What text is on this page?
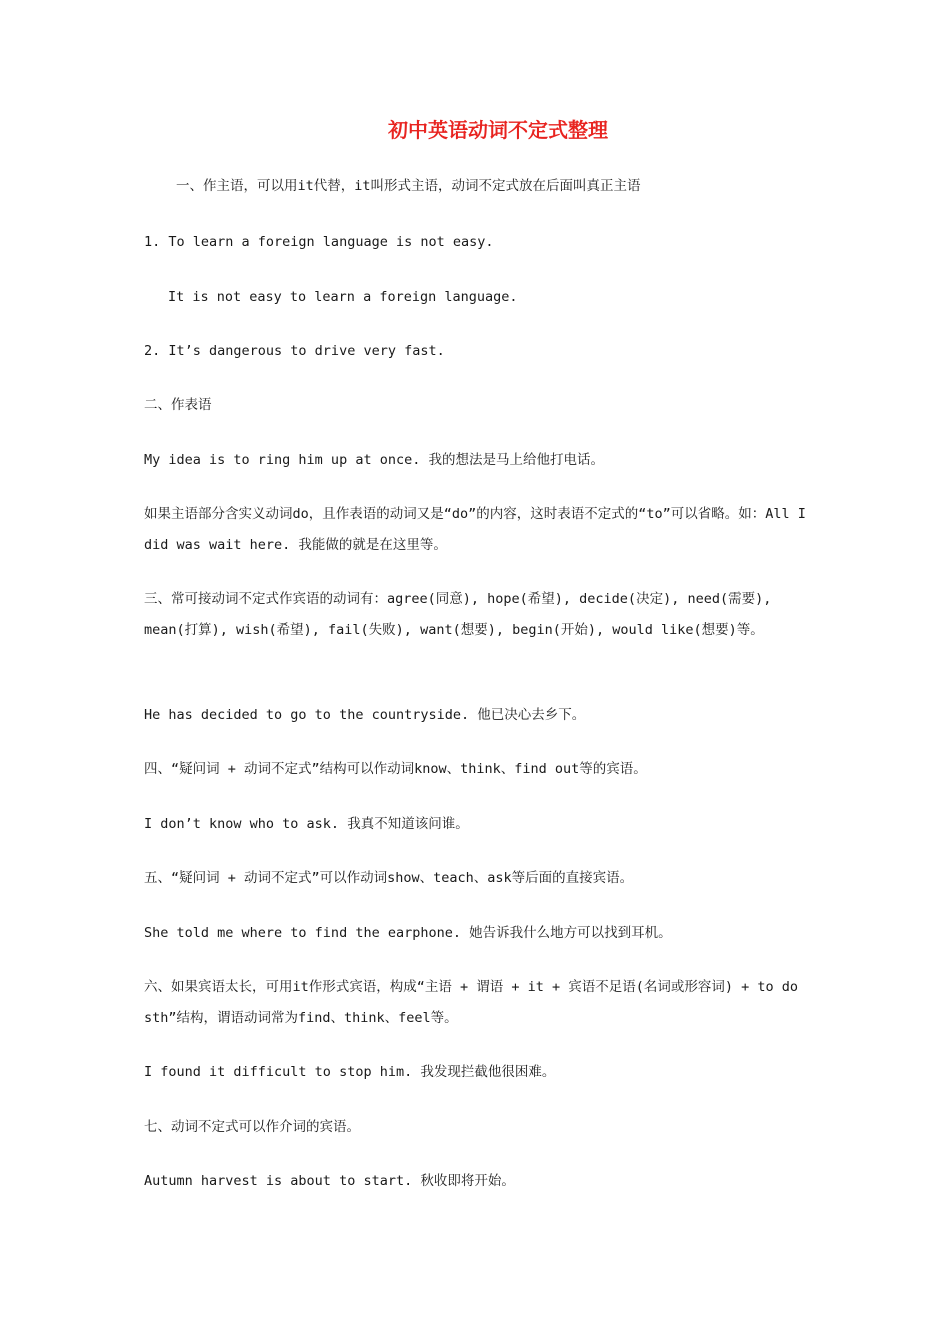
初中英语动词不定式整理

一、作主语，可以用it代替，it叫形式主语，动词不定式放在后面叫真正主语

1. To learn a foreign language is not easy.

It is not easy to learn a foreign language.

2. It’s dangerous to drive very fast.

二、作表语

My idea is to ring him up at once. 我的想法是马上给他打电话。

如果主语部分含实义动词do，且作表语的动词又是“do”的内容，这时表语不定式的“to”可以省略。如：All I did was wait here. 我能做的就是在这里等。

三、常可接动词不定式作宾语的动词有：agree(同意), hope(希望), decide(决定), need(需要), mean(打算), wish(希望), fail(失败), want(想要), begin(开始), would like(想要)等。

He has decided to go to the countryside. 他已决心去乡下。

四、“疑问词 + 动词不定式”结构可以作动词know、think、find out等的宾语。

I don’t know who to ask. 我真不知道该问谁。

五、“疑问词 + 动词不定式”可以作动词show、teach、ask等后面的直接宾语。

She told me where to find the earphone. 她告诉我什么地方可以找到耳机。

六、如果宾语太长，可用it作形式宾语，构成“主语 + 谓语 + it + 宾语不足语(名词或形容词) + to do sth”结构，谓语动词常为find、think、feel等。

I found it difficult to stop him. 我发现拦截他很困难。

七、动词不定式可以作介词的宾语。

Autumn harvest is about to start. 秋收即将开始。
